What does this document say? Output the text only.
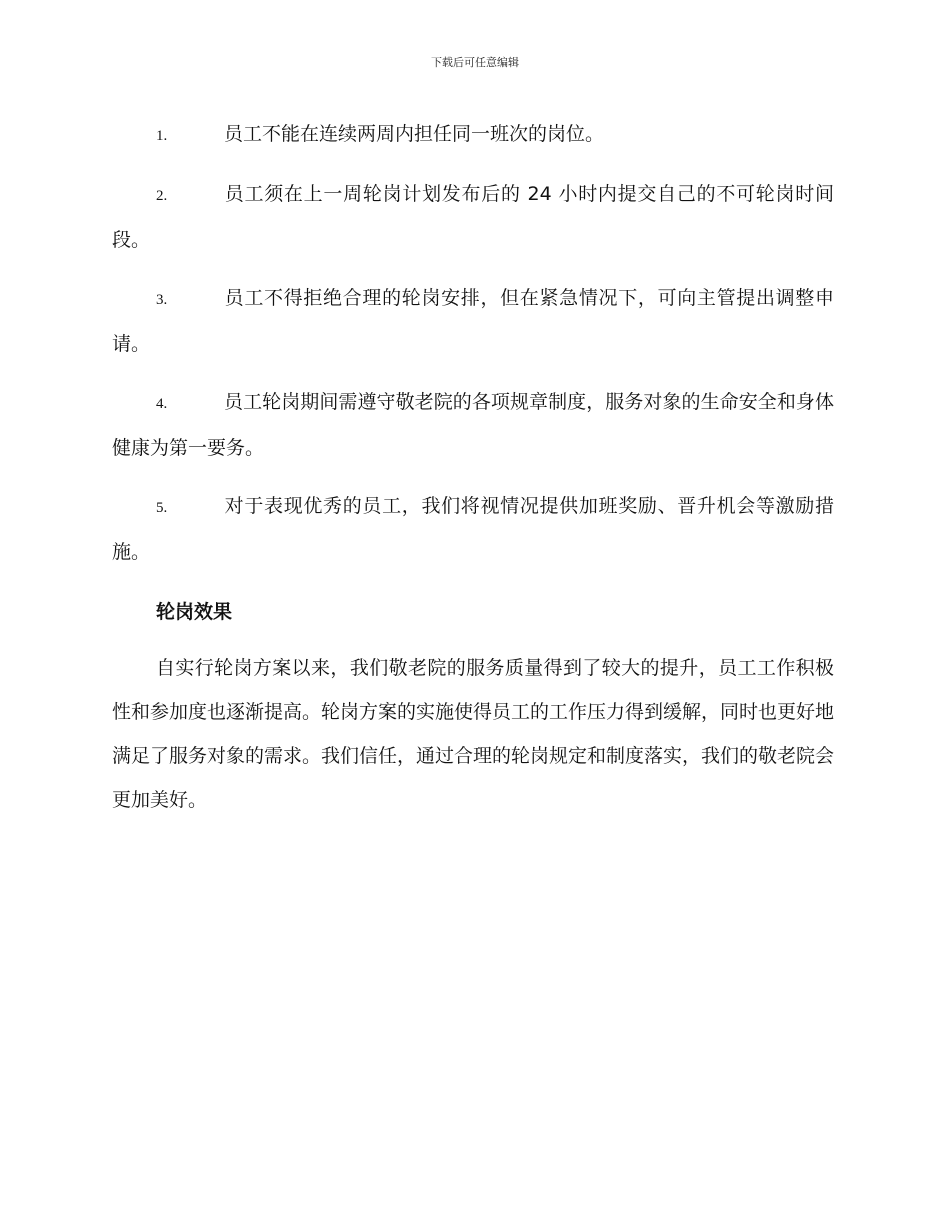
下载后可任意编辑
1.	员工不能在连续两周内担任同一班次的岗位。
2.	员工须在上一周轮岗计划发布后的 24 小时内提交自己的不可轮岗时间段。
3.	员工不得拒绝合理的轮岗安排，但在紧急情况下，可向主管提出调整申请。
4.	员工轮岗期间需遵守敬老院的各项规章制度，服务对象的生命安全和身体健康为第一要务。
5.	对于表现优秀的员工，我们将视情况提供加班奖励、晋升机会等激励措施。
轮岗效果
自实行轮岗方案以来，我们敬老院的服务质量得到了较大的提升，员工工作积极性和参加度也逐渐提高。轮岗方案的实施使得员工的工作压力得到缓解，同时也更好地满足了服务对象的需求。我们信任，通过合理的轮岗规定和制度落实，我们的敬老院会更加美好。
